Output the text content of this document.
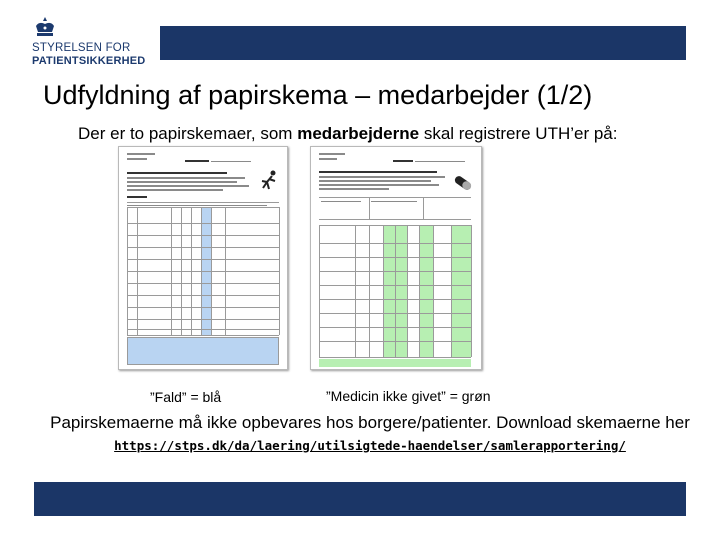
STYRELSEN FOR
PATIENTSIKKERHED
Udfyldning af papirskema – medarbejder (1/2)
Der er to papirskemaer, som medarbejderne skal registrere UTH’er på:
”Fald” = blå	”Medicin ikke givet” = grøn
Papirskemaerne må ikke opbevares hos borgere/patienter. Download skemaerne her https://stps.dk/da/laering/utilsigtede-haendelser/samlerapportering/
